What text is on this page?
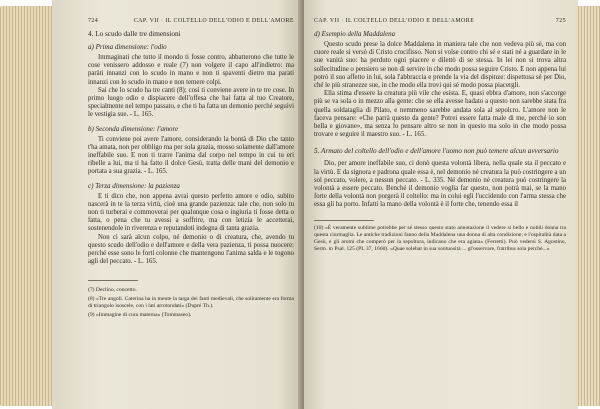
724	CAP. VII · IL COLTELLO DELL'ODIO E DELL'AMORE
4. Lo scudo dalle tre dimensioni
a) Prima dimensione: l'odio

Immaginati che tutto il mondo ti fosse contro, abbatterono che tutte le cose venissero addosso e reale (7) non volgere il capo all'indietro: ma paràti innanzi con lo scudo in mano e non ti spaventi dietro ma parati innanzi con lo scudo in mano e non temere colpi.

Sai che lo scudo ha tre canti (8); così ti conviene avere in te tre cose. In primo luogo odio e dispiacere dell'offesa che hai fatta al tuo Creatore, specialmente nel tempo passato, e che ti ha fatta un demonio perché seguivi le vestigia sue. - L. 165.

b) Seconda dimensione: l'amore

Ti conviene poi avere l'amore, considerando la bontà di Dio che tanto t'ha amata, non per obbligo ma per sola grazia, mosso solamente dall'amore ineffabile suo. E non ti trarre l'anima dal corpo nel tempo in cui tu eri ribelle a lui, ma ti ha fatto il dolce Gesù, tratta delle mani del demonio e portata a sua grazia. - L. 165.

c) Terza dimensione: la pazienza

E ti dico che, non appena avrai questo perfetto amore e odio, subito nascerà in te la terza virtù, cioè una grande pazienza: tale che, non solo tu non ti turberai e commoverai per qualunque cosa o ingiuria ti fosse detta o fatta, o pena che tu avessi a soffrire, ma con letizia le accetterai, sostenendole in riverenza e reputandoti indegna di tanta grazia.

Non ci sarà alcun colpo, né demonio o di creatura, che, avendo tu questo scudo dell'odio e dell'amore e della vera pazienza, ti possa nuocere: perché esse sono le forti colonne che mantengono l'anima salda e le togono agli del peccato. - L. 165.

(7) Declino, concetto.

(8) «Tre angoli. Caterina ha in mente la targa dei fanti medievali, che solitamente era forma di triangolo isoscele, con i lati arrotondati» (Dupré Th.).

(9) «Immagine di cura materna» (Tommaseo).

CAP. VII · IL COLTELLO DELL'ODIO E DELL'AMORE	725
d) Esempio della Maddalena

Questo scudo prese la dolce Maddalena in maniera tale che non vedeva più sé, ma con cuore reale si versò di Cristo crocifisso. Non si volse contro chi sé e stati né a guardare in le sue vanità suo: ha perduto ogni piacere e dilettò di se stessa. In lei non si trova altra sollecitudine o pensiero se non di servire in che modo possa seguire Cristo. E non appena lui potrò il suo affetto in lui, sola l'abbraccia e prende la via del dispinze: dispettosa sé per Dio, ché le più stranezze sue, in che modo ella trovi qui sé modo possa piacergli.

Ella stima d'essere la creatura più vile che esista. E, quasi ebbra d'amore, non s'accorge più se va sola o in mezzo alla gente: che se ella avesse badato a questo non sarebbe stata fra quella soldataglia di Pilato, e nemmeno sarebbe andata sola al sepolcro. L'amore non le faceva pensare: «Che parrà questo da gente? Potrei essere fatta male di me, perché io son bella e giovane», ma senza lo pensare altro se non in questo ma solo in che modo possa trovare e seguire il maestro suo. - L. 165.

5. Armato del coltello dell'odio e dell'amore l'uomo non può temere alcun avversario

Dio, per amore ineffabile suo, ci donò questa volontà libera, nella quale sta il peccato e la virtù. E da signora e padrona quale essa è, nel demonio né creatura la può costringere a un sol peccato, volere, a nessun peccato. - L. 335. Né demonio né creatura può costringere la volontà a essere peccato. Benché il demonio voglia far questo, non potrà mai, se la mano forte della volontà non porgerà il coltello: ma in colui egli l'uccidendo con l'arma stessa che essa gli ha porto. Infatti la mano della volontà è il forte che, tenendo essa il

(10) «È veramente sublime potrebbe per sé stesso questo stato annotazione il vedere sì bello e nobili donna tra questa ciurmaglia. Le antiche tradizioni fanno della Maddalena una donna di alta condizione; e l'ospitalità data a Gesù, e gli aromi che comperò per la sepoltura, indicano che era agiata» (Ferretti). Può vedersi S. Agostino, Serm. in Psal. 125 (PL 37, 1660). «Quae solebat in sua sontuosità ... gl'osservare, fratribus sola perché...»
